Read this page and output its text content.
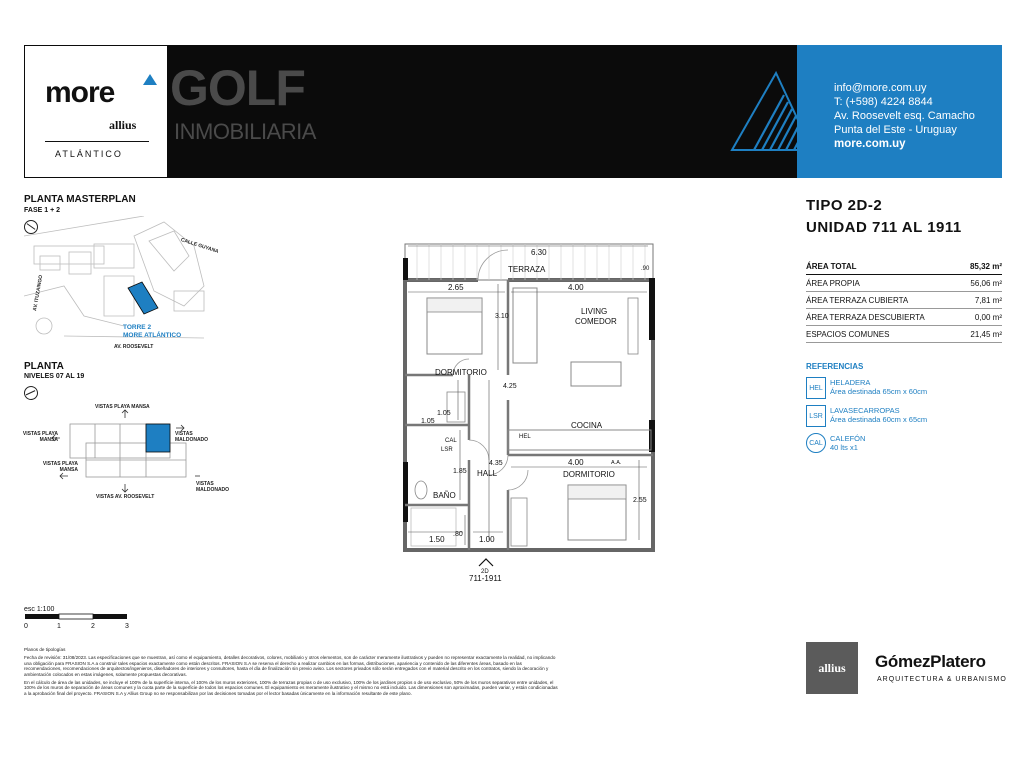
GOLF
INMOBILIARIA
more
allius
ATLÁNTICO
info@more.com.uy
T: (+598) 4224 8844
Av. Roosevelt esq. Camacho
Punta del Este - Uruguay
more.com.uy
PLANTA MASTERPLAN
FASE 1 + 2
CALLE GUYANA
AV. ITUZAINGO
TORRE 2
MORE ATLÁNTICO
AV. ROOSEVELT
PLANTA
NIVELES 07 AL 19
VISTAS PLAYA MANSA
VISTAS PLAYA MANSA
VISTAS PLAYA MANSA
VISTAS MALDONADO
VISTAS MALDONADO
VISTAS AV. ROOSEVELT
esc 1:100
0	1	2	3
Planos de tipologías
Fecha de revisión: 31/08/2023. Las especificaciones que se muestran, así como el equipamiento, detalles decorativos, colores, mobiliario y otros elementos, son de carácter meramente ilustrativos y pueden no representar exactamente la realidad, no implicando una obligación para FRASION S.A a construir tales espacios exactamente como están descritos. FRASION S.A se reserva el derecho a realizar cambios en las formas, distribuciones, apariencia y contenido de las diferentes áreas, basado en las recomendaciones, recomendaciones de arquitectos/ingenieros, diseñadores de interiores y consultores, hasta el día de finalización sin previo aviso. Los sectores privados sólo serán entregados con el material descrito en los contratos, siendo la decoración y ambientación colocados en estas imágenes, solamente propuestas decorativas.
En el cálculo de área de las unidades, se incluye el 100% de la superficie interna, el 100% de los muros exteriores, 100% de terrazas propias o de uso exclusivo, 100% de los jardines propios o de uso exclusivo, 50% de los muros separativos entre unidades, el 100% de los muros de separación de áreas comunes y la cuota parte de la superficie de todos los espacios comunes. El equipamiento es meramente ilustrativo y el mismo no está incluido. Las dimensiones son aproximadas, pueden variar, y están condicionadas a la aprobación final del proyecto. FRASION S.A y Allius Group no se responsabilizan por las decisiones tomadas por el lector basadas únicamente en la información resultante de este plano.
TERRAZA
LIVING
COMEDOR
DORMITORIO
COCINA
HALL
BAÑO
DORMITORIO
CAL
LSR
HEL
A.A.
6.30
.90
2.65
3.10
4.00
4.25
1.05
1.05
1.85
4.35	4.00
2.55
.80
1.50	1.00
2D
711-1911
TIPO 2D-2
UNIDAD 711 AL 1911
ÁREA TOTAL	85,32 m²
ÁREA PROPIA	56,06 m²
ÁREA TERRAZA CUBIERTA	7,81 m²
ÁREA TERRAZA DESCUBIERTA	0,00 m²
ESPACIOS COMUNES	21,45 m²
REFERENCIAS
HEL
HELADERA
Área destinada 65cm x 60cm
LSR
LAVASECARROPAS
Área destinada 60cm x 65cm
CAL CALEFÓN
40 lts x1
allius	GómezPlatero
ARQUITECTURA & URBANISMO
